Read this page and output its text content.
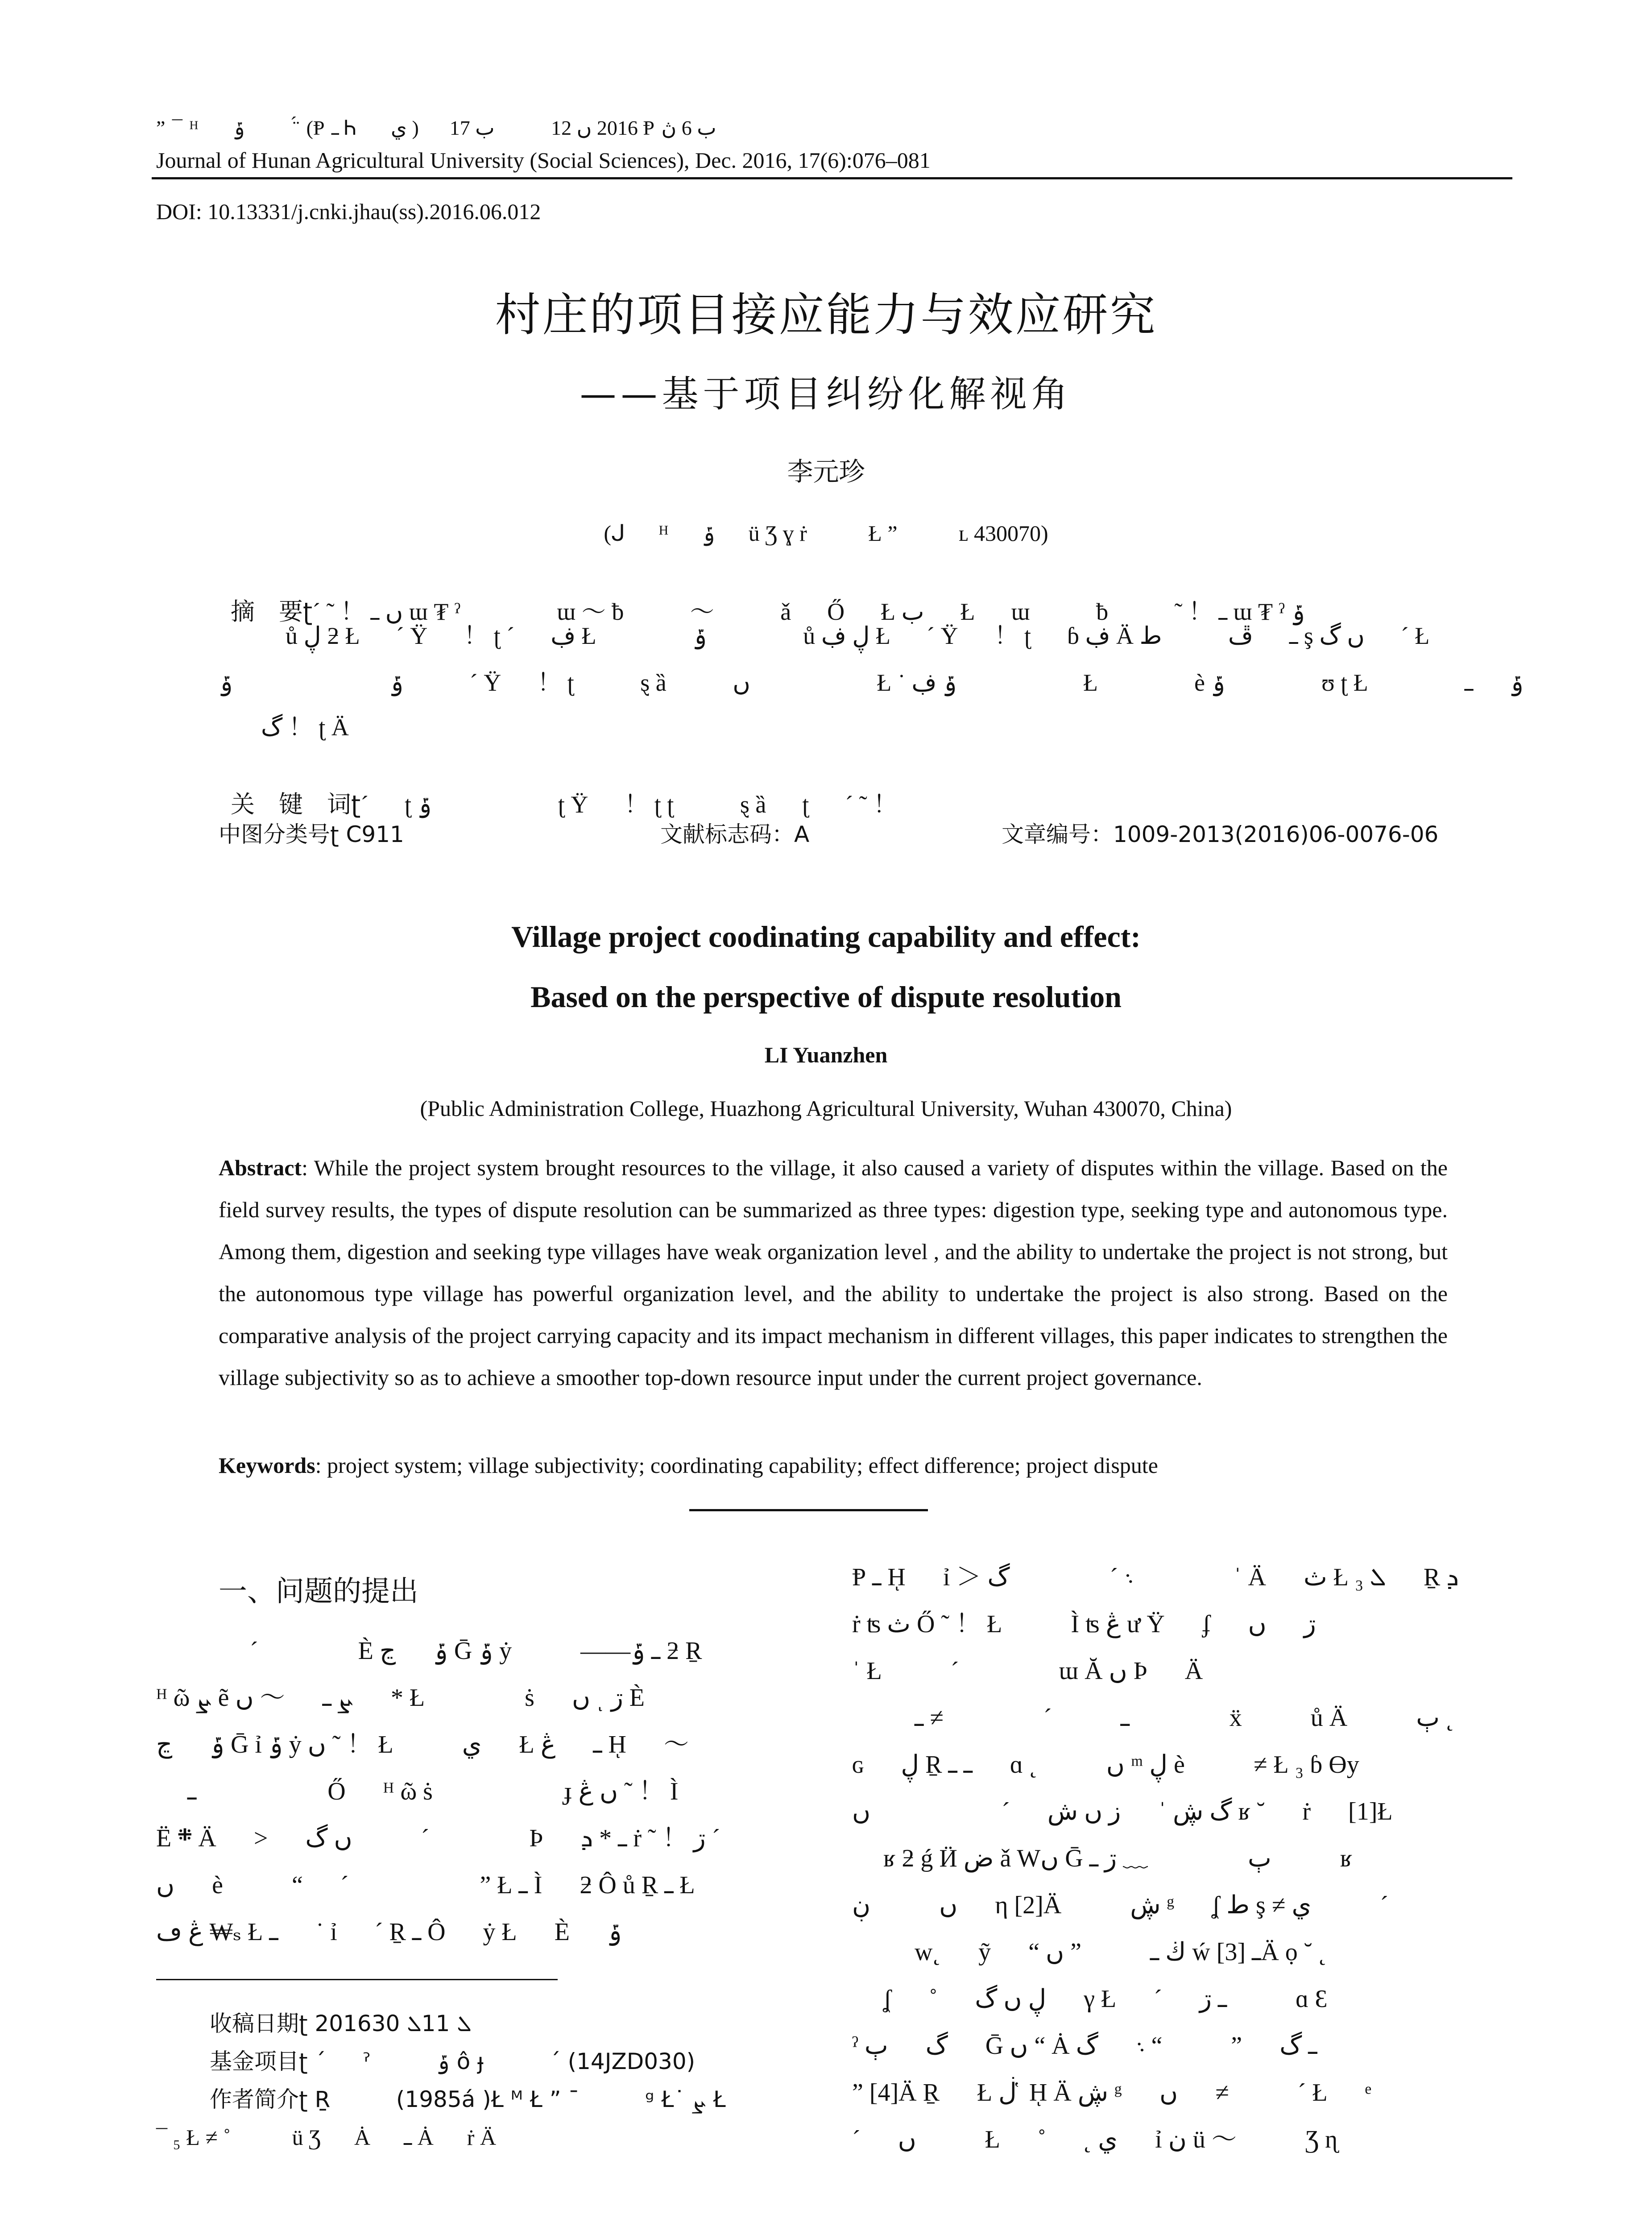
” ¯ ᴴ 　 ݹ 　 　 ̈́ (Ᵽ ߺ Ꮒ 　 ي ) 2016 ں 12 　 　 ب 17 Ᵽ ب 6 ڽ
Journal of Hunan Agricultural University (Social Sciences), Dec. 2016, 17(6):076–081
DOI: 10.13331/j.cnki.jhau(ss).2016.06.012
村庄的项目接应能力与效应研究
——基于项目纠纷化解视角
李元珍
(ᒍ 　 ᴴ 　 ݹ 　 ü Ʒ ɣ ṙ 　 　 Ł ” 　 　 ʟ 430070)

摘　要ʈˊ ˜ ！ ں ߺ ɯ ₮ ˀ 　 　 　 ɯ ～ ƀ 　 　 ～ 　 　 ǎ 　 Ő 　 Ł ب 　 Ł 　 ɯ 　 　 ƀ 　 　 ˜ ！ ߺ ɯ ₮ ˀ ݹ

ů ڸ ƻ Ł 　 ˊ Ÿ 　 ！ ʈ ˊ 　 ڣ Ł 　 　 　 ݹ 　 　 　 ů ڸ ڣ Ł 　 ˊ Ÿ 　 ！ ʈ 　 ɓ ڣ Ä ߺ 　 ڦ 　 　 ط ş ں گ 　 ˊ Ł
ݹ 　 　 　 　 　 ݹ 　 　 ˊ Ÿ 　 ！ ʈ 　 　 ȿ ȁ 　 　 ں 　 　 　 　 Ł ˙ ݹ ڣ 　 　 　 　 Ł 　 　 　 è ݹ 　 　 　 ʊ ʈ Ł 　 　 　 ݹ 　 ߺ
گ ！ ʈ Ä

关　键　词ʈˊ 　 ʈ ݹ 　 　 　 　 ʈ Ÿ 　 ！ ʈ ʈ 　 　 ȿ ȁ 　 ʈ 　 ˊ ˜ ！

中图分类号ʈ C911	文献标志码：A	文章编号：1009-2013(2016)06-0076-06
Village project coodinating capability and effect:
Based on the perspective of dispute resolution
LI Yuanzhen
(Public Administration College, Huazhong Agricultural University, Wuhan 430070, China)
Abstract: While the project system brought resources to the village, it also caused a variety of disputes within the village. Based on the field survey results, the types of dispute resolution can be summarized as three types: digestion type, seeking type and autonomous type. Among them, digestion and seeking type villages have weak organization level , and the ability to undertake the project is not strong, but the autonomous type village has powerful organization level, and the ability to undertake the project is also strong. Based on the comparative analysis of the project carrying capacity and its impact mechanism in different villages, this paper indicates to strengthen the village subjectivity so as to achieve a smoother top-down resource input under the current project governance.
Keywords: project system; village subjectivity; coordinating capability; effect difference; project dispute
一、问题的提出
　 　 　 ˊ 　 　 　 È ݹ 　 ڃ Ḡ ݹ ẏ 　 　 ——ߺ ݹ ƻ Ṟ
ᴴ ῶ ܨ ẽ ܨ ߺ 　 ～ ں 　 * Ł 　 　 　 ṡ 　 ں ͺ ڗ È
ݹ 　 ڃ Ḡ ỉ ݹ ẏ ں ˜ ！ Ł 　 　 ي 　 Ł ߺ 　 ڠ ῌ 　 ～
　 ߺ 　 　 　 　 Ő 　 ᴴ ῶ ṡ 　 　 　 　 ɟ ں ڠ ˜ ！ Ì
Ё ܍ Ä 　 ˃ 　 ں گ 　 　 ˊ 　 　 　 Þ 　 ߺ * ܕ ṙ ˜ ！ ڗ ˊ
ں 　 è 　 　 “ 　 ˊ 　 　 　 　 ” Ł ߺ Ì 　 ƻ Ô ů Ṟ ߺ Ł
ڠ ڡ ₩ₛ Ł ߺ 　 ˙ ỉ 　 ˊ Ṟ ߺ Ô 　 ẏ Ł 　 È 　 ݹ
收稿日期ʈ 2016ܠ 11ܠ 30
基金项目ʈ ˊ 　 ˀ 　 　 ݹ ô ɟ 　 　 ˊ (14JZD030)
作者简介ʈ Ṟ 　 　 (1985á )Ł ᴹ Ł ” ¯ 　 　 ᵍ Ł˙ ܨ Ł
¯ ₅ Ł ≠ ˚ 　 　 ü Ʒ 　 Ȧ 　 ߺ Ȧ 　 ṙ Ä
Ᵽ ߺ ῌ 　 ỉ ＞ ܈ ˊ 　 　 　 گ 　 　 　 ˈ Ä 　 ث Ł ₃ ܠ 　 Ṟ ܕ
ṙ ʦ ث Ő ˜ ！ Ł 　 　 Ì ʦ ڠ ư Ÿ 　 ʄ 　 ڗ 　 ں
ˈ Ł 　 　 ˊ 　 　 　 ɯ Ă ں Þ 　 Ä
　 　 ߺ 　 　 ˊ 　 　 　 ≠ ߺ 　 　 　 ẍ 　 　 ů Ä 　 　 ٻ ˛
ɢ 　 ڸ Ṟ ߺ ߺ 　 ɑ ˛ 　 　 ں ᵐ ڸ è 　 　 ≠ Ł ₃ ɓ Ɵy
گ ڜ ˈ 　 ز ں ش 　 ˊ 　 　 　 　 ں ʁ ˘ 　 ṙ 　 [1]Ł
　 ʁ ƻ ǵ Ӥ ض ǎ Wں Ḡ ٻ 　 　 　 ﹏ ڗ ߺ 　 　 ʁ
ں 　 　 ڹ 　 η [2]Ä 　 　 ڜ ᵍ 　 ʆ ط ş ≠ ي 　 　 ˊ
　 　 w˛ 　 ỹ 　 “ ڬ ߺ 　 　 ” ں ẃ ߺ [3]Ä ọ ˘ ˛
　 ʆ 　 ˚ 　 ڸ ں گ 　 γ Ł 　 ˊ 　 ߺ ڗ 　 　 ɑ Ɛ
ˀ گ 　 ٻ 　 Ḡ ں “ Ȧ ߺ گ 　 ” 　 　 “ ܈ 　 گ
” [4]Ä Ṟ 　 Ł ڶ ̔ ῌ Ä ڜ ᵍ 　 ں 　 ≠ 　 　 ˊ Ł 　 ᵉ
ˊ 　 ں 　 　 Ł 　 ˚ 　 ˛ ي 　 ỉ ن ü ～ 　 　 Ʒ ɳ
